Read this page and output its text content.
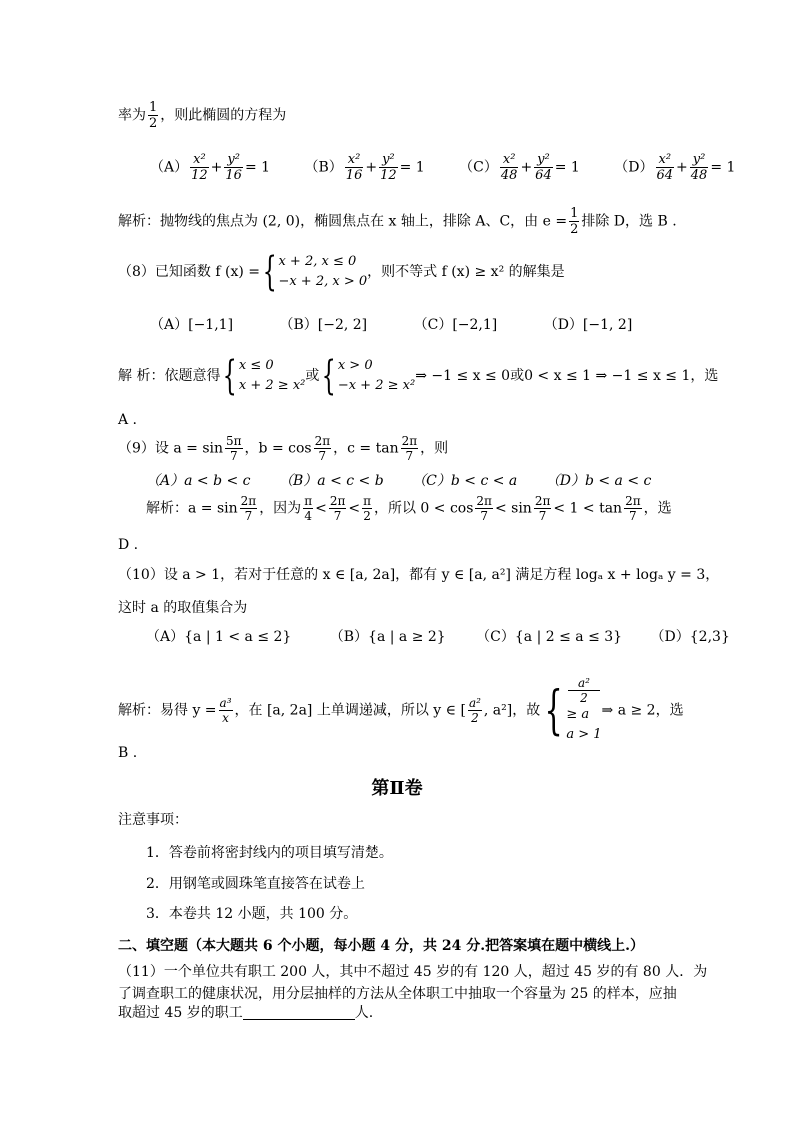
率为 $\frac{1}{2}$ ，则此椭圆的方程为
$(A) \frac{\text{x²}}{12} + \frac{\text{y²}}{16} = 1$ $(B) \frac{\text{x²}}{16} + \frac{\text{y²}}{12} = 1$ $(C) \frac{\text{x²}}{48} + \frac{\text{y²}}{64} = 1$ $(D) \frac{\text{x²}}{64} + \frac{\text{y²}}{48} = 1$
解析：抛物线的焦点为 (2, 0)，椭圆焦点在 x 轴上，排除 A、C，由 $e = \frac{1}{2}$ 排除 D，选 B .
（8）已知函数 f (x) ={ x + 2, x ≤ 0
−x + 2, x > 0
，则不等式 f (x) ≥ x² 的解集是
（A）[−1,1]	（B）[−2, 2]	（C）[−2,1]	（D）[−1, 2]
解 析：依题意得{ x ≤ 0
x + 2 ≥ x²
或{ x > 0
−x + 2 ≥ x²
⇒ −1 ≤ x ≤ 0或0 < x ≤ 1 ⇒ −1 ≤ x ≤ 1，选
A .
（9）设 $a = \sin \frac{5\pi}{7}$ ，$b = \cos \frac{2\pi}{7}$ ，$c = \tan \frac{2\pi}{7}$ ，则
（A）a < b < c （B）a < c < b （C）b < c < a （D）b < a < c
解析：$a = \sin \frac{2\pi}{7}$ ，因为 $\frac{\pi}{4} < \frac{2\pi}{7} < \frac{\pi}{2}$ ，所以 $0 < \cos \frac{2\pi}{7} < \sin \frac{2\pi}{7} < 1 < \tan \frac{2\pi}{7}$ ，选
D .
（10）设 a > 1，若对于任意的 x ∈ [a, 2a]，都有 y ∈ [a, a²] 满足方程 logₐ x + logₐ y = 3，
这时 a 的取值集合为
（A）{a | 1 < a ≤ 2}	（B）{a | a ≥ 2} （C）{a | 2 ≤ a ≤ 3} （D）{2,3}
解析：易得 $y = \frac{\text{a³}}{x}$ ，在 [a, 2a] 上单调递减，所以 y ∈ [ $\frac{\text{a²}}{2}$ , a²]，故{	a²
2
≥ a
a > 1
⇒ a ≥ 2，选
B .
第Ⅱ卷
注意事项：
1．答卷前将密封线内的项目填写清楚。
2．用钢笔或圆珠笔直接答在试卷上
3．本卷共 12 小题，共 100 分。
二、填空题（本大题共 6 个小题，每小题 4 分，共 24 分.把答案填在题中横线上.）
（11）一个单位共有职工 200 人，其中不超过 45 岁的有 120 人，超过 45 岁的有 80 人．为
了调查职工的健康状况，用分层抽样的方法从全体职工中抽取一个容量为 25 的样本，应抽
取超过 45 岁的职工	人.
